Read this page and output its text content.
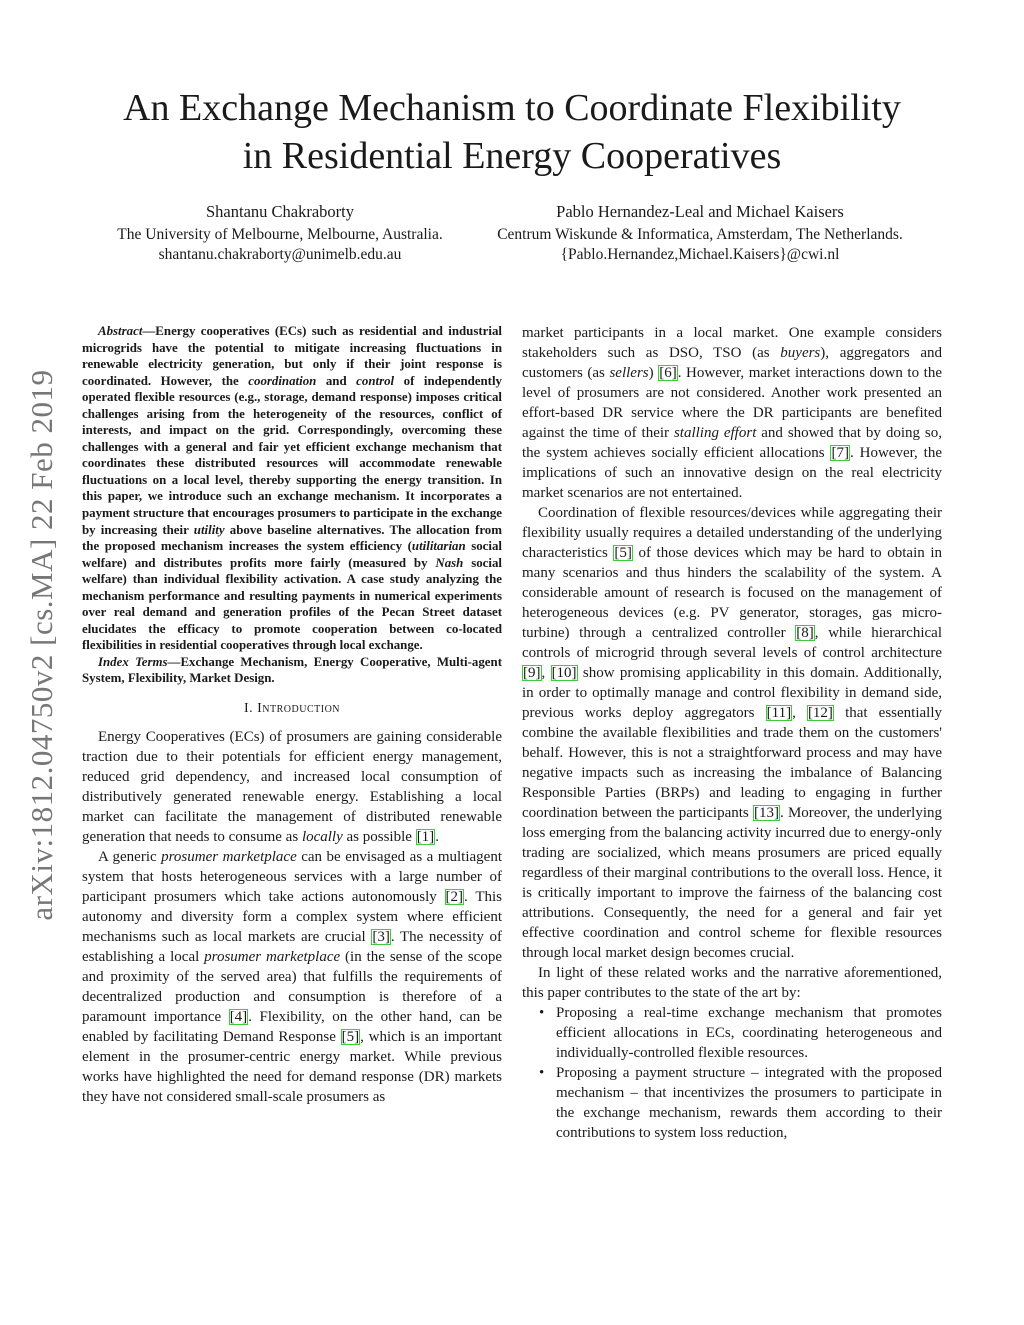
arXiv:1812.04750v2 [cs.MA] 22 Feb 2019
An Exchange Mechanism to Coordinate Flexibility
in Residential Energy Cooperatives
Shantanu Chakraborty
The University of Melbourne, Melbourne, Australia.
shantanu.chakraborty@unimelb.edu.au
Pablo Hernandez-Leal and Michael Kaisers
Centrum Wiskunde & Informatica, Amsterdam, The Netherlands.
{Pablo.Hernandez,Michael.Kaisers}@cwi.nl

Abstract—Energy cooperatives (ECs) such as residential and industrial microgrids have the potential to mitigate increasing fluctuations in renewable electricity generation, but only if their joint response is coordinated. However, the coordination and control of independently operated flexible resources (e.g., storage, demand response) imposes critical challenges arising from the heterogeneity of the resources, conflict of interests, and impact on the grid. Correspondingly, overcoming these challenges with a general and fair yet efficient exchange mechanism that coordinates these distributed resources will accommodate renewable fluctuations on a local level, thereby supporting the energy transition. In this paper, we introduce such an exchange mechanism. It incorporates a payment structure that encourages prosumers to participate in the exchange by increasing their utility above baseline alternatives. The allocation from the proposed mechanism increases the system efficiency (utilitarian social welfare) and distributes profits more fairly (measured by Nash social welfare) than individual flexibility activation. A case study analyzing the mechanism performance and resulting payments in numerical experiments over real demand and generation profiles of the Pecan Street dataset elucidates the efficacy to promote cooperation between co-located flexibilities in residential cooperatives through local exchange.

Index Terms—Exchange Mechanism, Energy Cooperative, Multi-agent System, Flexibility, Market Design.

I. Introduction

Energy Cooperatives (ECs) of prosumers are gaining considerable traction due to their potentials for efficient energy management, reduced grid dependency, and increased local consumption of distributively generated renewable energy. Establishing a local market can facilitate the management of distributed renewable generation that needs to consume as locally as possible [1].

A generic prosumer marketplace can be envisaged as a multiagent system that hosts heterogeneous services with a large number of participant prosumers which take actions autonomously [2]. This autonomy and diversity form a complex system where efficient mechanisms such as local markets are crucial [3]. The necessity of establishing a local prosumer marketplace (in the sense of the scope and proximity of the served area) that fulfills the requirements of decentralized production and consumption is therefore of a paramount importance [4]. Flexibility, on the other hand, can be enabled by facilitating Demand Response [5], which is an important element in the prosumer-centric energy market. While previous works have highlighted the need for demand response (DR) markets they have not considered small-scale prosumers as

market participants in a local market. One example considers stakeholders such as DSO, TSO (as buyers), aggregators and customers (as sellers) [6]. However, market interactions down to the level of prosumers are not considered. Another work presented an effort-based DR service where the DR participants are benefited against the time of their stalling effort and showed that by doing so, the system achieves socially efficient allocations [7]. However, the implications of such an innovative design on the real electricity market scenarios are not entertained.

Coordination of flexible resources/devices while aggregating their flexibility usually requires a detailed understanding of the underlying characteristics [5] of those devices which may be hard to obtain in many scenarios and thus hinders the scalability of the system. A considerable amount of research is focused on the management of heterogeneous devices (e.g. PV generator, storages, gas micro-turbine) through a centralized controller [8], while hierarchical controls of microgrid through several levels of control architecture [9], [10] show promising applicability in this domain. Additionally, in order to optimally manage and control flexibility in demand side, previous works deploy aggregators [11], [12] that essentially combine the available flexibilities and trade them on the customers' behalf. However, this is not a straightforward process and may have negative impacts such as increasing the imbalance of Balancing Responsible Parties (BRPs) and leading to engaging in further coordination between the participants [13]. Moreover, the underlying loss emerging from the balancing activity incurred due to energy-only trading are socialized, which means prosumers are priced equally regardless of their marginal contributions to the overall loss. Hence, it is critically important to improve the fairness of the balancing cost attributions. Consequently, the need for a general and fair yet effective coordination and control scheme for flexible resources through local market design becomes crucial.

In light of these related works and the narrative aforementioned, this paper contributes to the state of the art by:

• Proposing a real-time exchange mechanism that promotes efficient allocations in ECs, coordinating heterogeneous and individually-controlled flexible resources.
• Proposing a payment structure – integrated with the proposed mechanism – that incentivizes the prosumers to participate in the exchange mechanism, rewards them according to their contributions to system loss reduction,
